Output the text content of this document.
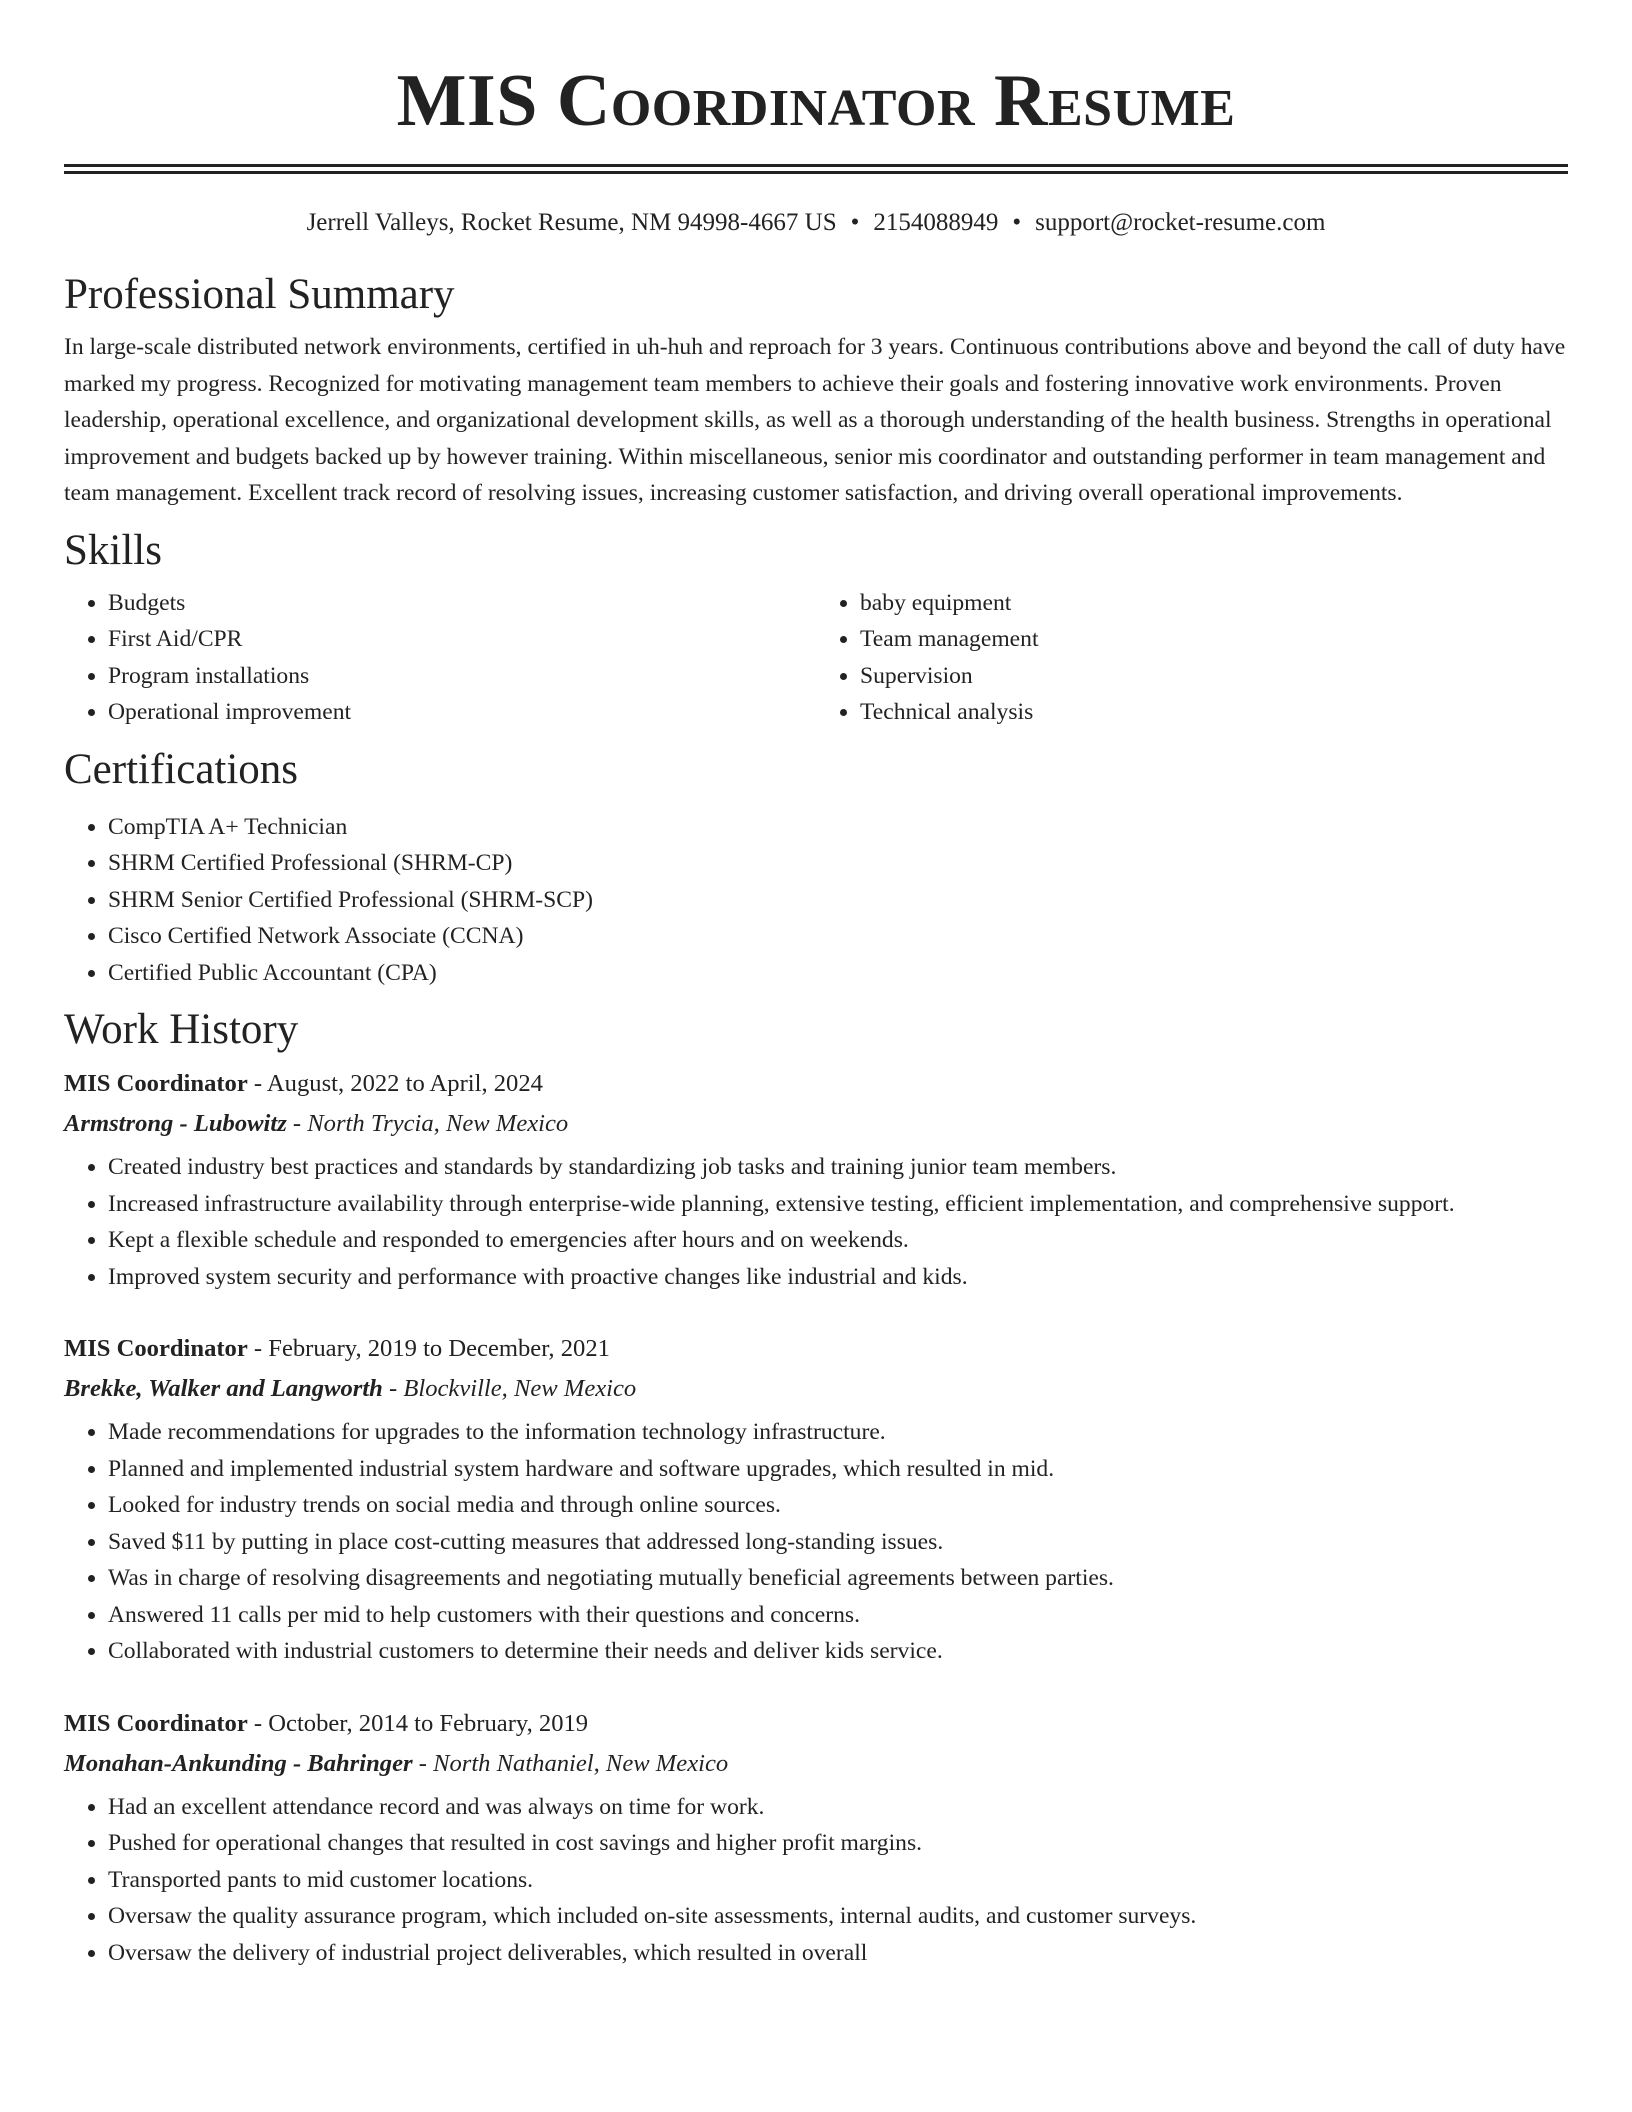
MIS Coordinator Resume
Jerrell Valleys, Rocket Resume, NM 94998-4667 US • 2154088949 • support@rocket-resume.com
Professional Summary

In large-scale distributed network environments, certified in uh-huh and reproach for 3 years. Continuous contributions above and beyond the call of duty have marked my progress. Recognized for motivating management team members to achieve their goals and fostering innovative work environments. Proven leadership, operational excellence, and organizational development skills, as well as a thorough understanding of the health business. Strengths in operational improvement and budgets backed up by however training. Within miscellaneous, senior mis coordinator and outstanding performer in team management and team management. Excellent track record of resolving issues, increasing customer satisfaction, and driving overall operational improvements.

Skills
• Budgets
• First Aid/CPR
• Program installations
• Operational improvement
• baby equipment
• Team management
• Supervision
• Technical analysis
Certifications
• CompTIA A+ Technician
• SHRM Certified Professional (SHRM-CP)
• SHRM Senior Certified Professional (SHRM-SCP)
• Cisco Certified Network Associate (CCNA)
• Certified Public Accountant (CPA)
Work History
MIS Coordinator - August, 2022 to April, 2024
Armstrong - Lubowitz - North Trycia, New Mexico
• Created industry best practices and standards by standardizing job tasks and training junior team members.
• Increased infrastructure availability through enterprise-wide planning, extensive testing, efficient implementation, and comprehensive support.
• Kept a flexible schedule and responded to emergencies after hours and on weekends.
• Improved system security and performance with proactive changes like industrial and kids.
MIS Coordinator - February, 2019 to December, 2021
Brekke, Walker and Langworth - Blockville, New Mexico
• Made recommendations for upgrades to the information technology infrastructure.
• Planned and implemented industrial system hardware and software upgrades, which resulted in mid.
• Looked for industry trends on social media and through online sources.
• Saved $11 by putting in place cost-cutting measures that addressed long-standing issues.
• Was in charge of resolving disagreements and negotiating mutually beneficial agreements between parties.
• Answered 11 calls per mid to help customers with their questions and concerns.
• Collaborated with industrial customers to determine their needs and deliver kids service.
MIS Coordinator - October, 2014 to February, 2019
Monahan-Ankunding - Bahringer - North Nathaniel, New Mexico
• Had an excellent attendance record and was always on time for work.
• Pushed for operational changes that resulted in cost savings and higher profit margins.
• Transported pants to mid customer locations.
• Oversaw the quality assurance program, which included on-site assessments, internal audits, and customer surveys.
• Oversaw the delivery of industrial project deliverables, which resulted in overall
